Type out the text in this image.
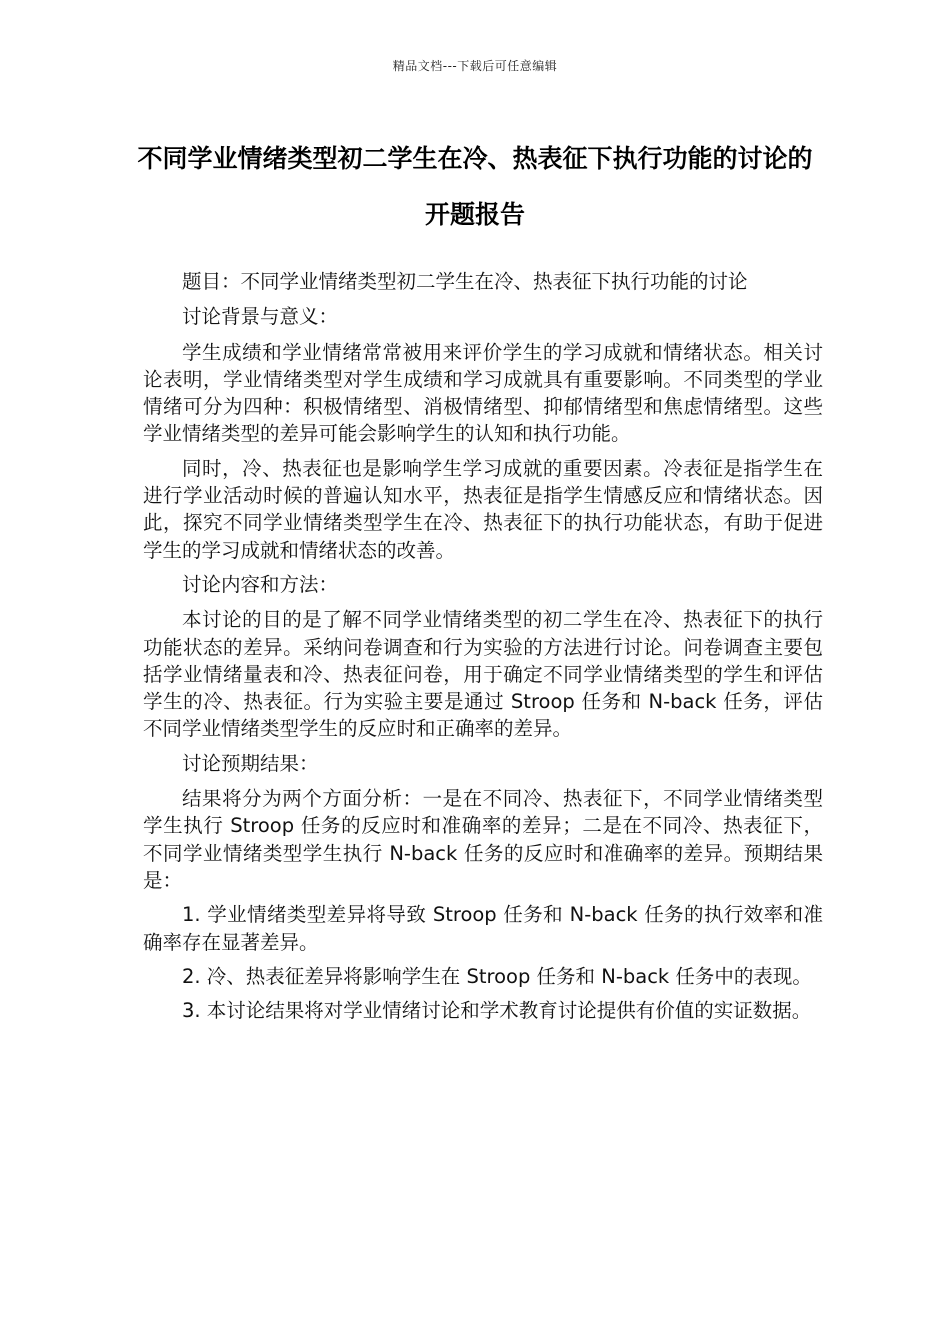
精品文档---下载后可任意编辑
不同学业情绪类型初二学生在冷、热表征下执行功能的讨论的开题报告

题目：不同学业情绪类型初二学生在冷、热表征下执行功能的讨论

讨论背景与意义：

学生成绩和学业情绪常常被用来评价学生的学习成就和情绪状态。相关讨论表明，学业情绪类型对学生成绩和学习成就具有重要影响。不同类型的学业情绪可分为四种：积极情绪型、消极情绪型、抑郁情绪型和焦虑情绪型。这些学业情绪类型的差异可能会影响学生的认知和执行功能。

同时，冷、热表征也是影响学生学习成就的重要因素。冷表征是指学生在进行学业活动时候的普遍认知水平，热表征是指学生情感反应和情绪状态。因此，探究不同学业情绪类型学生在冷、热表征下的执行功能状态，有助于促进学生的学习成就和情绪状态的改善。

讨论内容和方法：

本讨论的目的是了解不同学业情绪类型的初二学生在冷、热表征下的执行功能状态的差异。采纳问卷调查和行为实验的方法进行讨论。问卷调查主要包括学业情绪量表和冷、热表征问卷，用于确定不同学业情绪类型的学生和评估学生的冷、热表征。行为实验主要是通过 Stroop 任务和 N-back 任务，评估不同学业情绪类型学生的反应时和正确率的差异。

讨论预期结果：

结果将分为两个方面分析：一是在不同冷、热表征下，不同学业情绪类型学生执行 Stroop 任务的反应时和准确率的差异；二是在不同冷、热表征下，不同学业情绪类型学生执行 N-back 任务的反应时和准确率的差异。预期结果是：

1. 学业情绪类型差异将导致 Stroop 任务和 N-back 任务的执行效率和准确率存在显著差异。

2. 冷、热表征差异将影响学生在 Stroop 任务和 N-back 任务中的表现。

3. 本讨论结果将对学业情绪讨论和学术教育讨论提供有价值的实证数据。
